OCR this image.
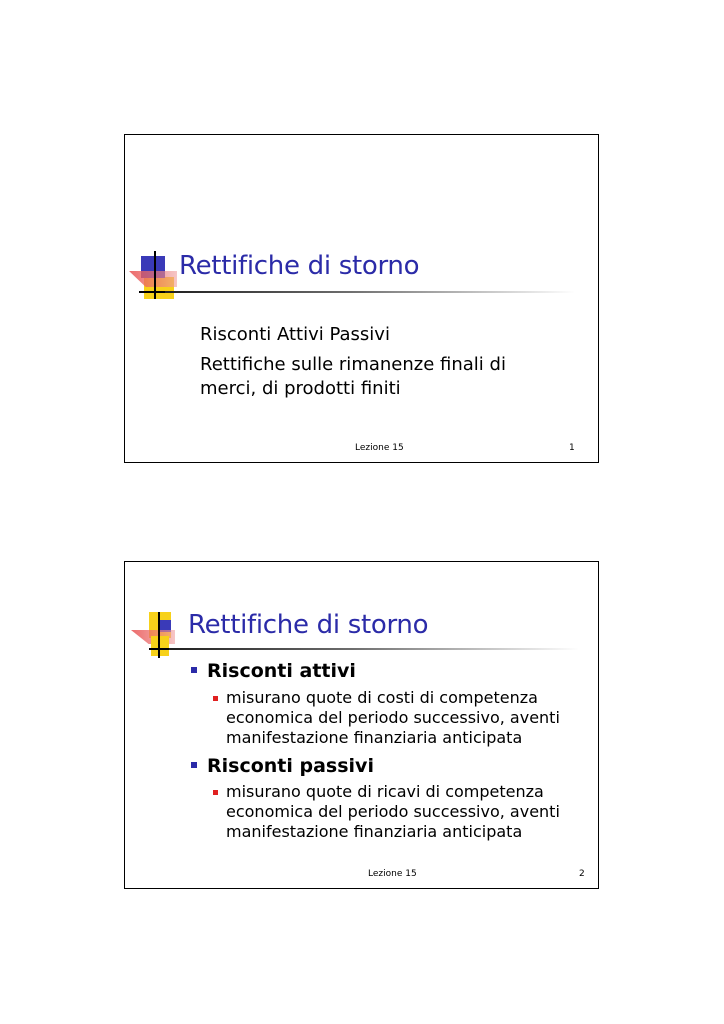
Rettifiche di storno
Risconti Attivi Passivi
Rettifiche sulle rimanenze finali di
merci, di prodotti finiti
Lezione 15	1
Rettifiche di storno
Risconti attivi
misurano quote di costi di competenza
economica del periodo successivo, aventi
manifestazione finanziaria anticipata
Risconti passivi
misurano quote di ricavi di competenza
economica del periodo successivo, aventi
manifestazione finanziaria anticipata
Lezione 15	2
